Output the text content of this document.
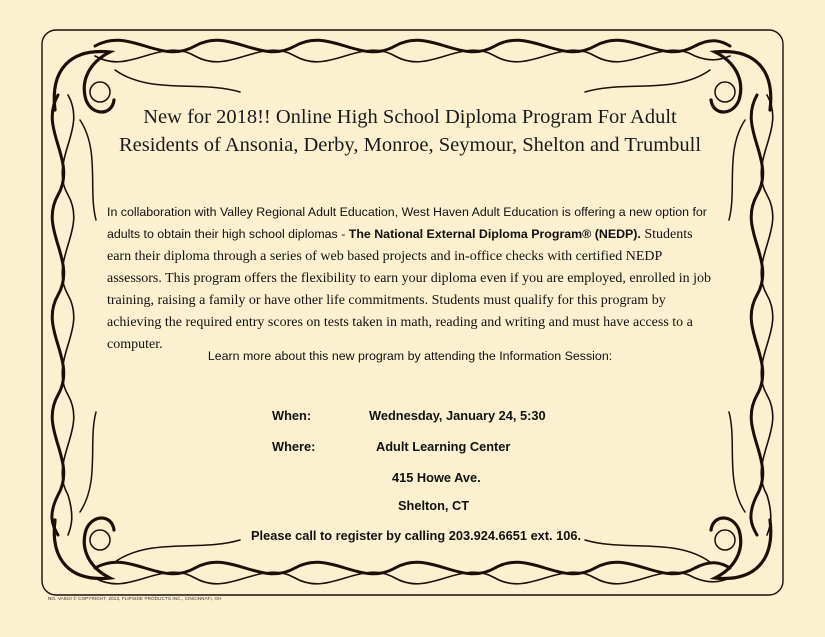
New for 2018!! Online High School Diploma Program For Adult Residents of Ansonia, Derby, Monroe, Seymour, Shelton and Trumbull
In collaboration with Valley Regional Adult Education, West Haven Adult Education is offering a new option for adults to obtain their high school diplomas - The National External Diploma Program® (NEDP). Students earn their diploma through a series of web based projects and in-office checks with certified NEDP assessors. This program offers the flexibility to earn your diploma even if you are employed, enrolled in job training, raising a family or have other life commitments. Students must qualify for this program by achieving the required entry scores on tests taken in math, reading and writing and must have access to a computer.
Learn more about this new program by attending the Information Session:
When:	Wednesday, January 24, 5:30
Where:	Adult Learning Center
415 Howe Ave.
Shelton, CT
Please call to register by calling 203.924.6651 ext. 106.
NO. VA910 © COPYRIGHT, 2013, FLIPSIDE PRODUCTS INC., CINCINNATI, OH
